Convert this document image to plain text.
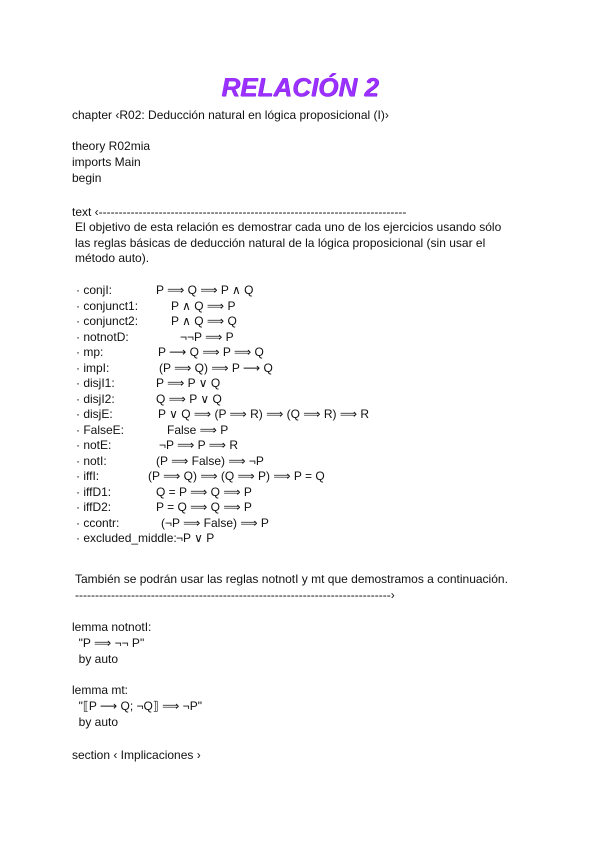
RELACIÓN 2
chapter ‹R02: Deducción natural en lógica proposicional (I)›
theory R02mia
imports Main
begin
text ‹-----------------------------------------------------------------------------
El objetivo de esta relación es demostrar cada uno de los ejercicios usando sólo las reglas básicas de deducción natural de la lógica proposicional (sin usar el método auto).
· conjI:	P ⟹ Q ⟹ P ∧ Q
· conjunct1:	P ∧ Q ⟹ P
· conjunct2:	P ∧ Q ⟹ Q
· notnotD:	¬¬P ⟹ P
· mp:	P ⟶ Q ⟹ P ⟹ Q
· impI:	(P ⟹ Q) ⟹ P ⟶ Q
· disjI1:	P ⟹ P ∨ Q
· disjI2:	Q ⟹ P ∨ Q
· disjE:	P ∨ Q ⟹ (P ⟹ R) ⟹ (Q ⟹ R) ⟹ R
· FalseE:	False ⟹ P
· notE:	¬P ⟹ P ⟹ R
· notI:	(P ⟹ False) ⟹ ¬P
· iffI:	(P ⟹ Q) ⟹ (Q ⟹ P) ⟹ P = Q
· iffD1:	Q = P ⟹ Q ⟹ P
· iffD2:	P = Q ⟹ Q ⟹ P
· ccontr:	(¬P ⟹ False) ⟹ P
· excluded_middle: ¬P ∨ P
También se podrán usar las reglas notnotI y mt que demostramos a continuación.
-------------------------------------------------------------------------------›
lemma notnotI:
"P ⟹ ¬¬ P"
by auto
lemma mt:
"⟦P ⟶ Q; ¬Q⟧ ⟹ ¬P"
by auto
section ‹ Implicaciones ›
